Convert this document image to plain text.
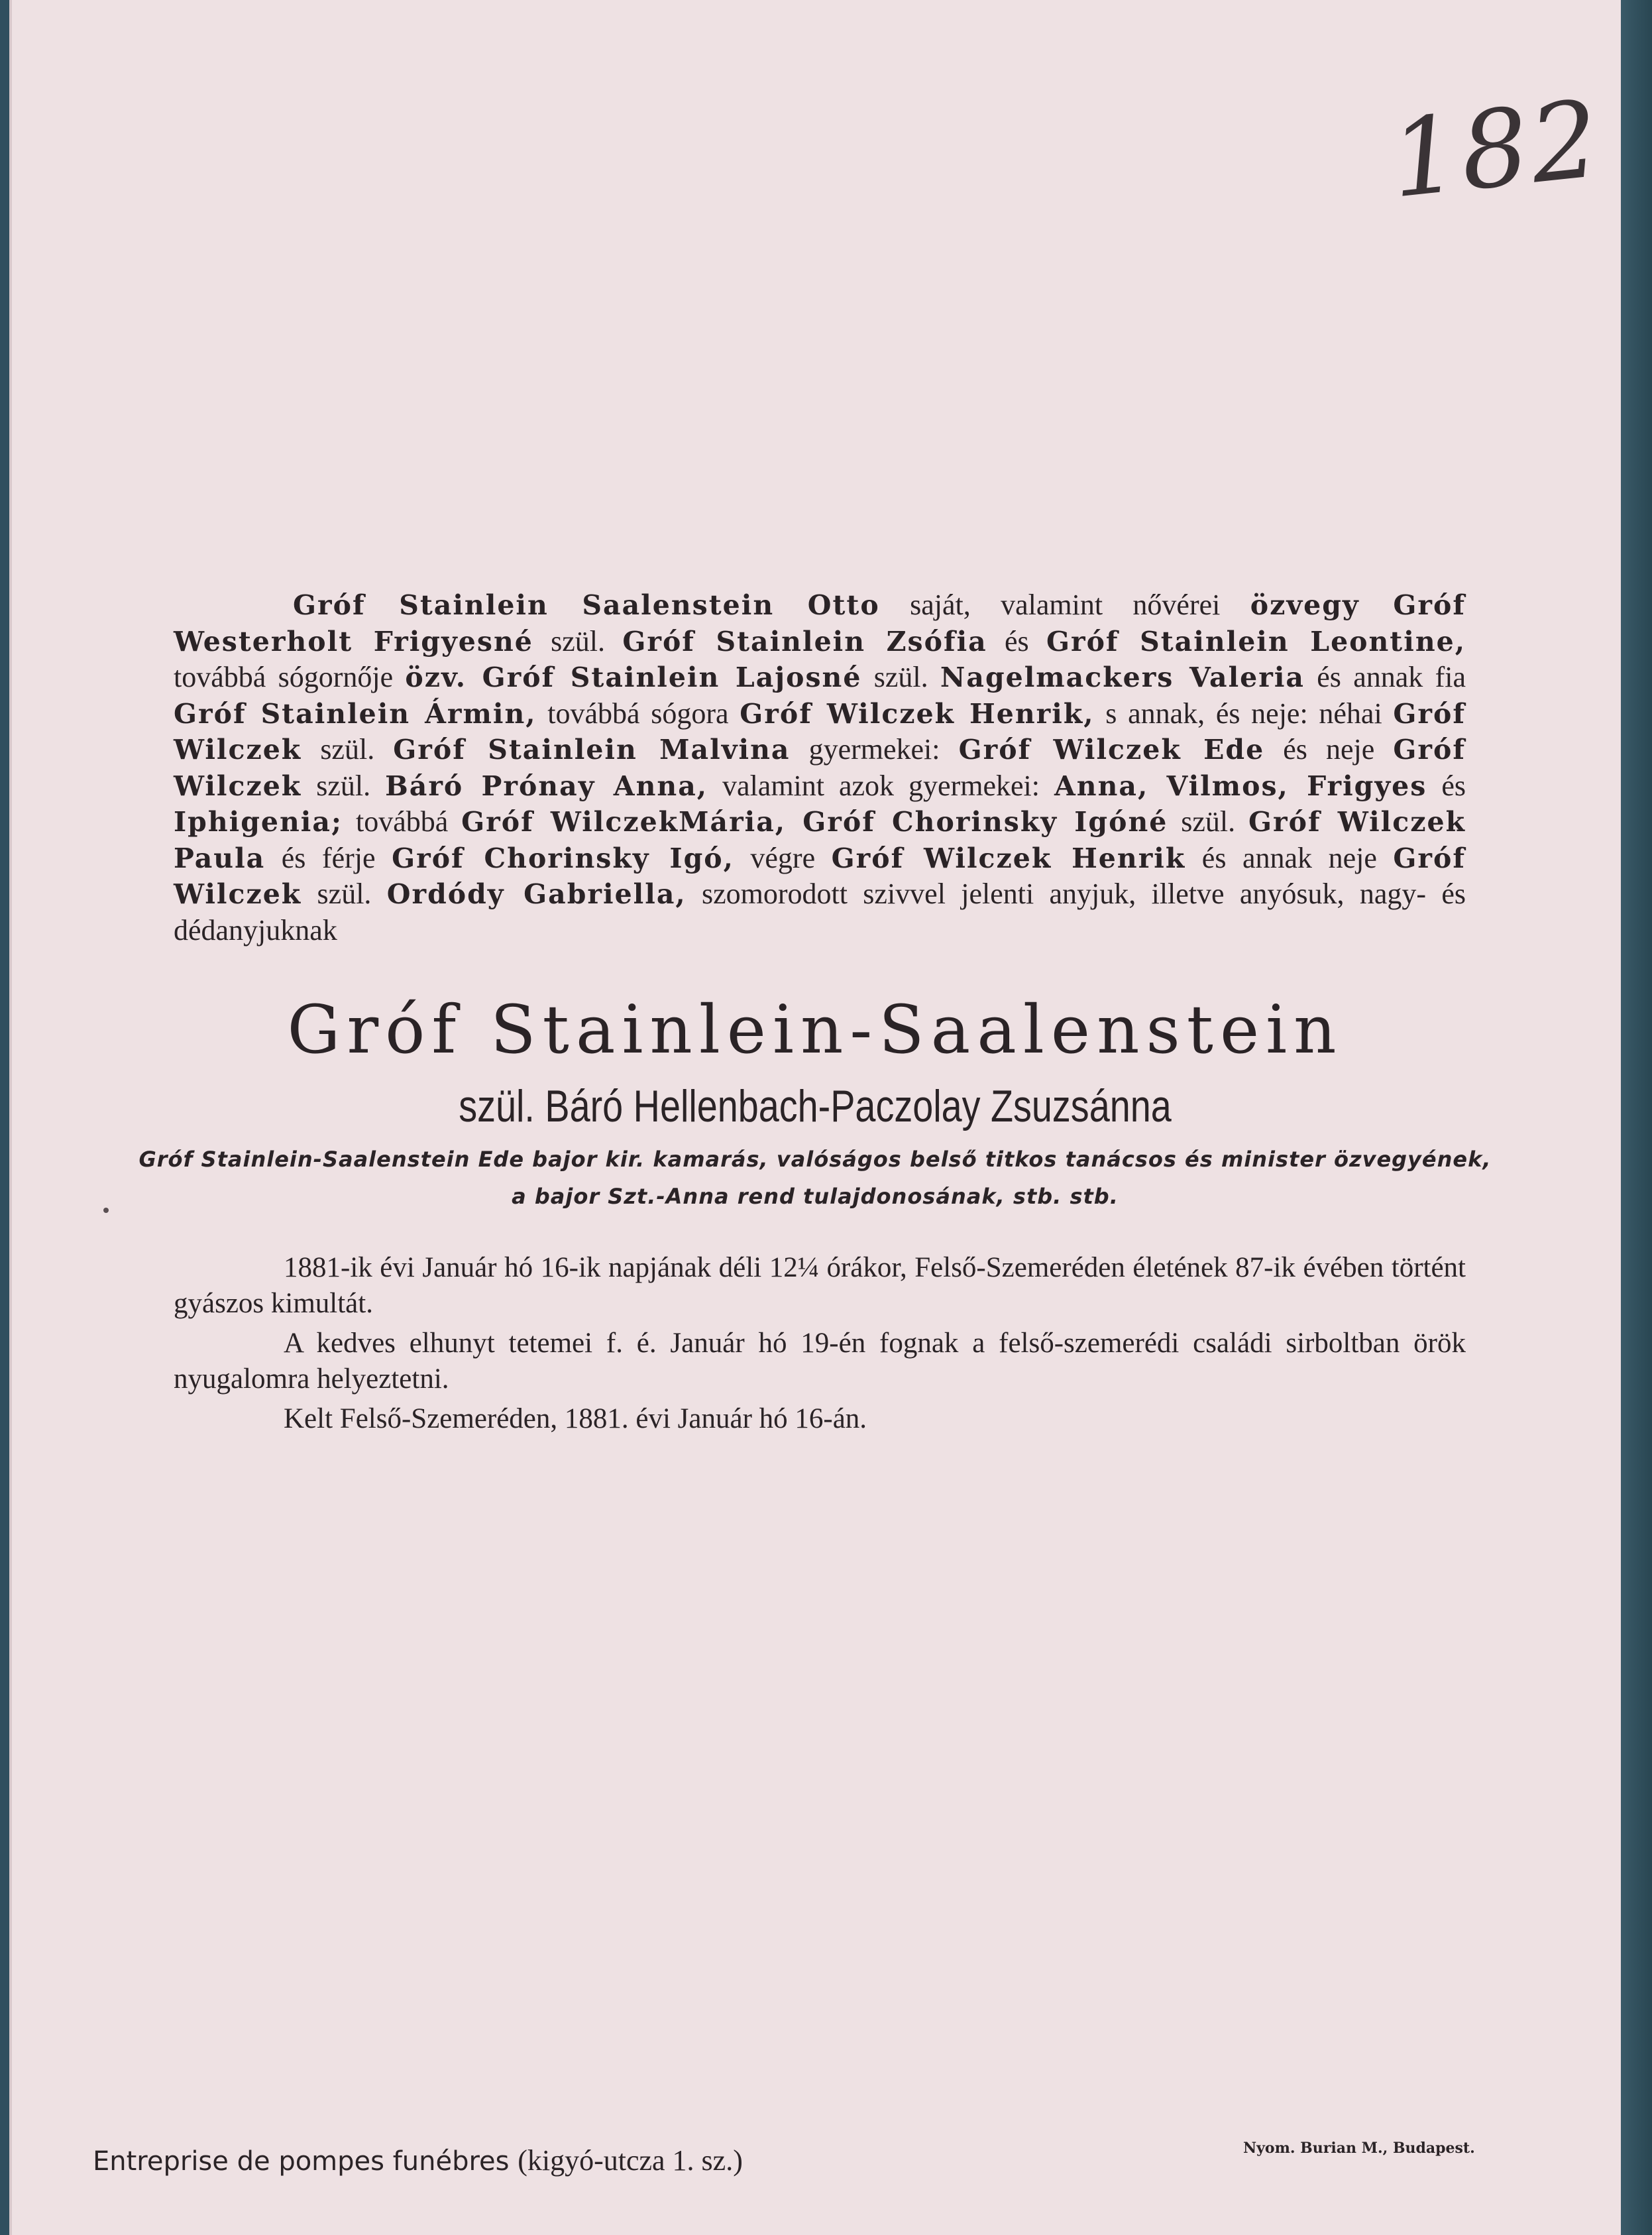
182
Gróf Stainlein Saalenstein Otto saját, valamint nővérei özvegy Gróf Westerholt Frigyesné szül. Gróf Stainlein Zsófia és Gróf Stainlein Leontine, továbbá sógornője özv. Gróf Stainlein Lajosné szül. Nagelmackers Valeria és annak fia Gróf Stainlein Ármin, továbbá sógora Gróf Wilczek Henrik, s annak, és neje: néhai Gróf Wilczek szül. Gróf Stainlein Malvina gyermekei: Gróf Wilczek Ede és neje Gróf Wilczek szül. Báró Prónay Anna, valamint azok gyermekei: Anna, Vilmos, Frigyes és Iphigenia; továbbá Gróf WilczekMária, Gróf Chorinsky Igóné szül. Gróf Wilczek Paula és férje Gróf Chorinsky Igó, végre Gróf Wilczek Henrik és annak neje Gróf Wilczek szül. Ordódy Gabriella, szomorodott szivvel jelenti anyjuk, illetve anyósuk, nagy- és dédanyjuknak
Gróf Stainlein-Saalenstein
szül. Báró Hellenbach-Paczolay Zsuzsánna
Gróf Stainlein-Saalenstein Ede bajor kir. kamarás, valóságos belső titkos tanácsos és minister özvegyének,
a bajor Szt.-Anna rend tulajdonosának, stb. stb.
1881-ik évi Január hó 16-ik napjának déli 12¼ órákor, Felső-Szemeréden életének 87-ik évében történt gyászos kimultát.
A kedves elhunyt tetemei f. é. Január hó 19-én fognak a felső-szemerédi családi sirboltban örök nyugalomra helyeztetni.
Kelt Felső-Szemeréden, 1881. évi Január hó 16-án.
Entreprise de pompes funébres (kigyó-utcza 1. sz.)	Nyom. Burian M., Budapest.
